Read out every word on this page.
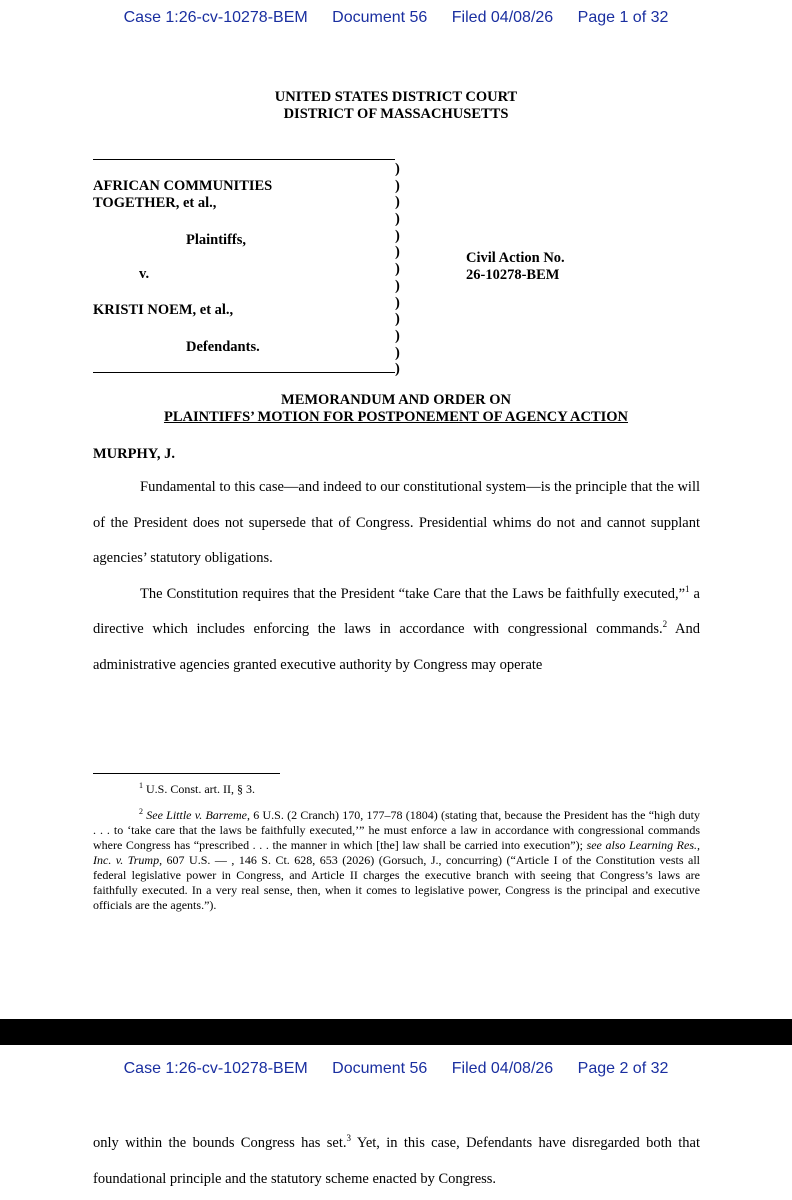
Case 1:26-cv-10278-BEM Document 56 Filed 04/08/26 Page 1 of 32
UNITED STATES DISTRICT COURT
DISTRICT OF MASSACHUSETTS
AFRICAN COMMUNITIES
TOGETHER, et al.,
Plaintiffs,
v.
KRISTI NOEM, et al.,
Defendants.
)
)
)
)
)
)
)
)
)
)
)
)
)
Civil Action No.
26-10278-BEM
MEMORANDUM AND ORDER ON
PLAINTIFFS’ MOTION FOR POSTPONEMENT OF AGENCY ACTION
MURPHY, J.

Fundamental to this case—and indeed to our constitutional system—is the principle that the will of the President does not supersede that of Congress. Presidential whims do not and cannot supplant agencies’ statutory obligations.

The Constitution requires that the President “take Care that the Laws be faithfully executed,”$^1$ a directive which includes enforcing the laws in accordance with congressional commands.$^2$ And administrative agencies granted executive authority by Congress may operate

$^1$ U.S. Const. art. II, § 3.
$^2$ See Little v. Barreme, 6 U.S. (2 Cranch) 170, 177–78 (1804) (stating that, because the President has the “high duty . . . to ‘take care that the laws be faithfully executed,’” he must enforce a law in accordance with congressional commands where Congress has “prescribed . . . the manner in which [the] law shall be carried into execution”); see also Learning Res., Inc. v. Trump, 607 U.S. — , 146 S. Ct. 628, 653 (2026) (Gorsuch, J., concurring) (“Article I of the Constitution vests all federal legislative power in Congress, and Article II charges the executive branch with seeing that Congress’s laws are faithfully executed. In a very real sense, then, when it comes to legislative power, Congress is the principal and executive officials are the agents.”).
Case 1:26-cv-10278-BEM Document 56 Filed 04/08/26 Page 2 of 32

only within the bounds Congress has set.$^3$ Yet, in this case, Defendants have disregarded both that foundational principle and the statutory scheme enacted by Congress.
